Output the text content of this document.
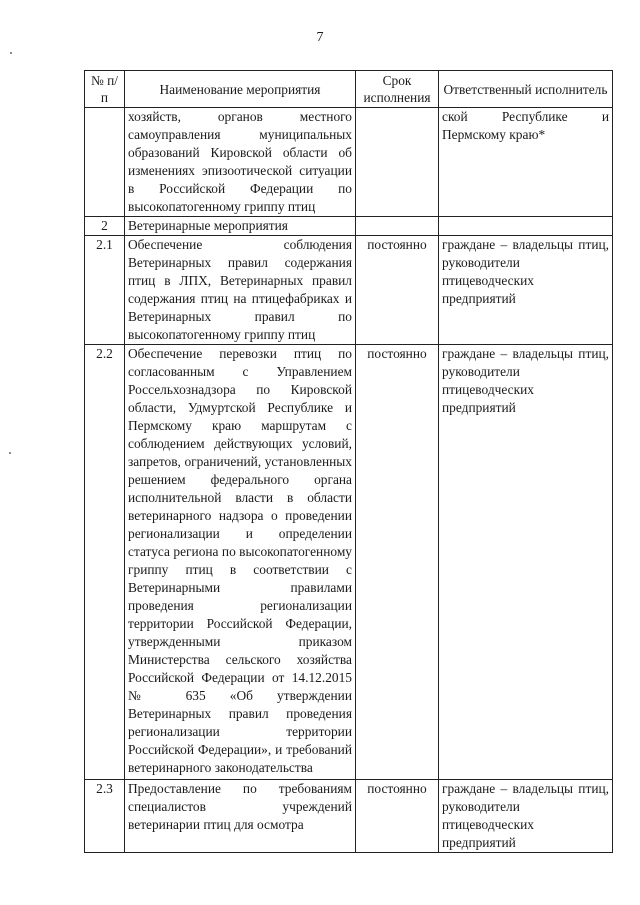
7
№ п/п	Наименование мероприятия	Срок исполнения	Ответственный исполнитель
	хозяйств, органов местного самоуправления муниципальных образований Кировской области об изменениях эпизоотической ситуации в Российской Федерации по высокопатогенному гриппу птиц		ской Республике и Пермскому краю*
2	Ветеринарные мероприятия		
2.1	Обеспечение соблюдения Ветеринарных правил содержания птиц в ЛПХ, Ветеринарных правил содержания птиц на птицефабриках и Ветеринарных правил по высокопатогенному гриппу птиц	постоянно	граждане – владельцы птиц, руководители птицеводческих предприятий
2.2	Обеспечение перевозки птиц по согласованным с Управлением Россельхознадзора по Кировской области, Удмуртской Республике и Пермскому краю маршрутам с соблюдением действующих условий, запретов, ограничений, установленных решением федерального органа исполнительной власти в области ветеринарного надзора о проведении регионализации и определении статуса региона по высокопатогенному гриппу птиц в соответствии с Ветеринарными правилами проведения регионализации территории Российской Федерации, утвержденными приказом Министерства сельского хозяйства Российской Федерации от 14.12.2015 № 635 «Об утверждении Ветеринарных правил проведения регионализации территории Российской Федерации», и требований ветеринарного законодательства	постоянно	граждане – владельцы птиц, руководители птицеводческих предприятий
2.3	Предоставление по требованиям специалистов учреждений ветеринарии птиц для осмотра	постоянно	граждане – владельцы птиц, руководители птицеводческих предприятий
